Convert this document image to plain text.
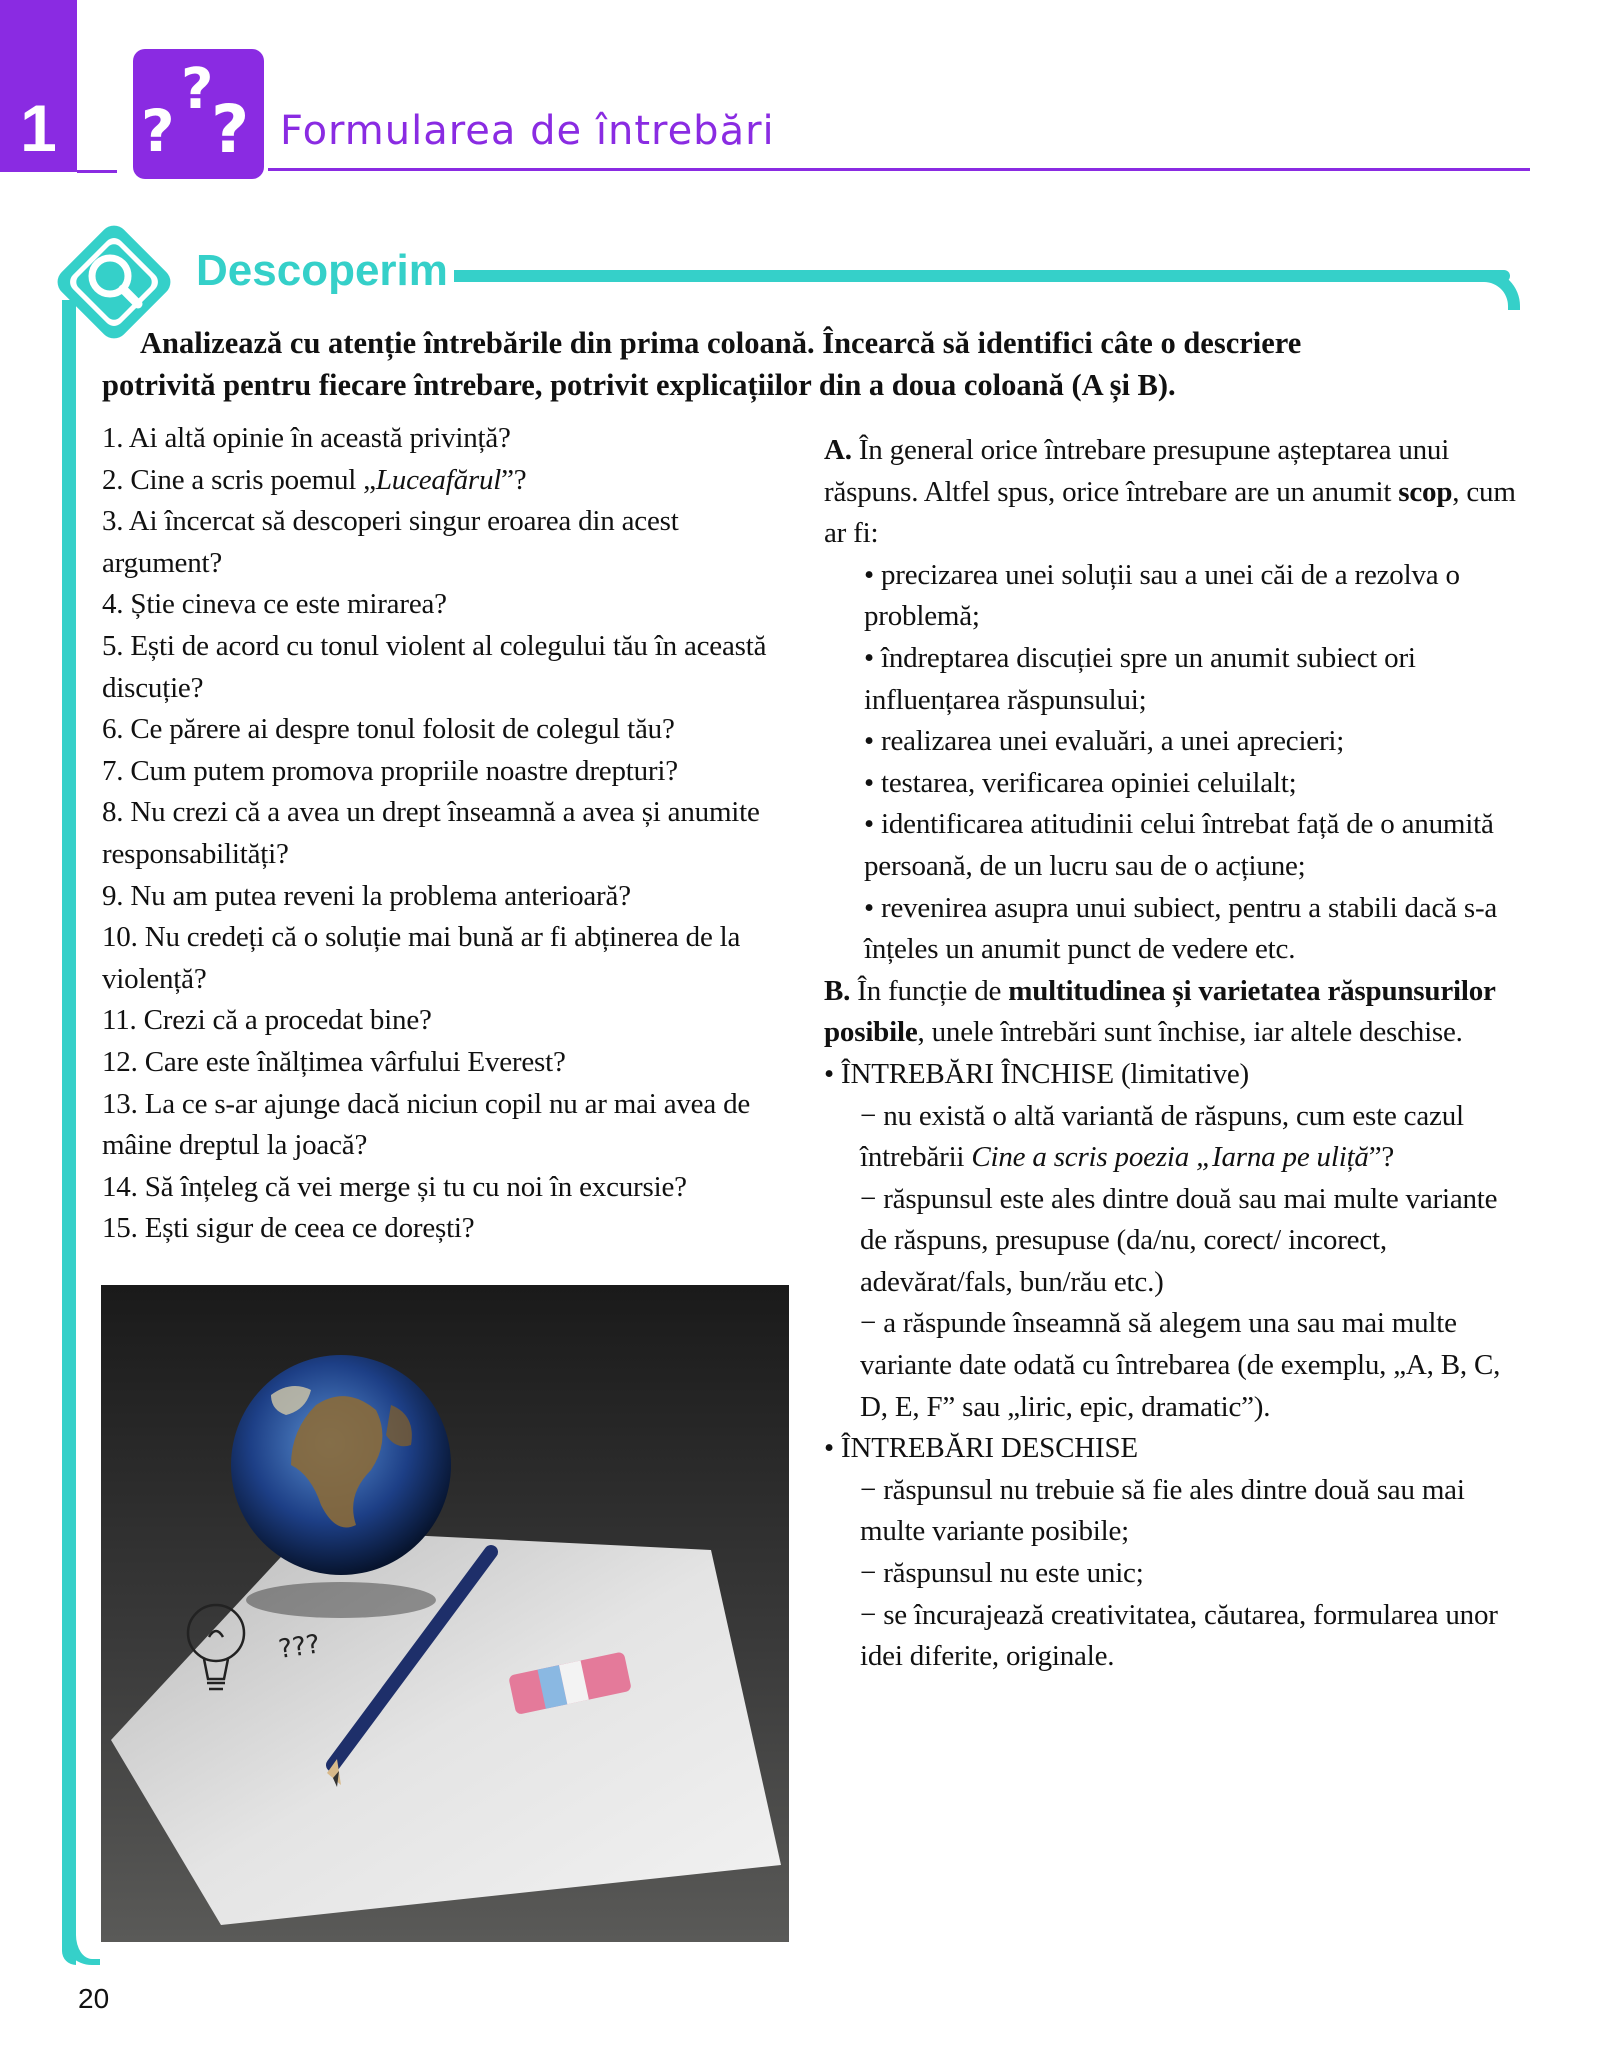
1
?
? ? Formularea de întrebări
Descoperim

Analizează cu atenție întrebările din prima coloană. Încearcă să identifici câte o descriere
potrivită pentru fiecare întrebare, potrivit explicațiilor din a doua coloană (A și B).

1. Ai altă opinie în această privință?

2. Cine a scris poemul „Luceafărul”?

3. Ai încercat să descoperi singur eroarea din acest argument?

4. Știe cineva ce este mirarea?

5. Ești de acord cu tonul violent al colegului tău în această discuție?

6. Ce părere ai despre tonul folosit de colegul tău?

7. Cum putem promova propriile noastre drepturi?

8. Nu crezi că a avea un drept înseamnă a avea și anumite responsabilități?

9. Nu am putea reveni la problema anterioară?

10. Nu credeți că o soluție mai bună ar fi abținerea de la violență?

11. Crezi că a procedat bine?

12. Care este înălțimea vârfului Everest?

13. La ce s-ar ajunge dacă niciun copil nu ar mai avea de mâine dreptul la joacă?

14. Să înțeleg că vei merge și tu cu noi în excursie?

15. Ești sigur de ceea ce dorești?

A. În general orice întrebare presupune așteptarea unui răspuns. Altfel spus, orice întrebare are un anumit scop, cum ar fi:

• precizarea unei soluții sau a unei căi de a rezolva o problemă;

• îndreptarea discuției spre un anumit subiect ori influențarea răspunsului;

• realizarea unei evaluări, a unei aprecieri;

• testarea, verificarea opiniei celuilalt;

• identificarea atitudinii celui întrebat față de o anumită persoană, de un lucru sau de o acțiune;

• revenirea asupra unui subiect, pentru a stabili dacă s-a înțeles un anumit punct de vedere etc.

B. În funcție de multitudinea și varietatea răspunsurilor posibile, unele întrebări sunt închise, iar altele deschise.

• ÎNTREBĂRI ÎNCHISE (limitative)

− nu există o altă variantă de răspuns, cum este cazul întrebării Cine a scris poezia „Iarna pe uliță”?

− răspunsul este ales dintre două sau mai multe variante de răspuns, presupuse (da/nu, corect/ incorect, adevărat/fals, bun/rău etc.)

− a răspunde înseamnă să alegem una sau mai multe variante date odată cu întrebarea (de exemplu, „A, B, C, D, E, F” sau „liric, epic, dramatic”).

• ÎNTREBĂRI DESCHISE

− răspunsul nu trebuie să fie ales dintre două sau mai multe variante posibile;

− răspunsul nu este unic;

− se încurajează creativitatea, căutarea, formularea unor idei diferite, originale.

???
20
